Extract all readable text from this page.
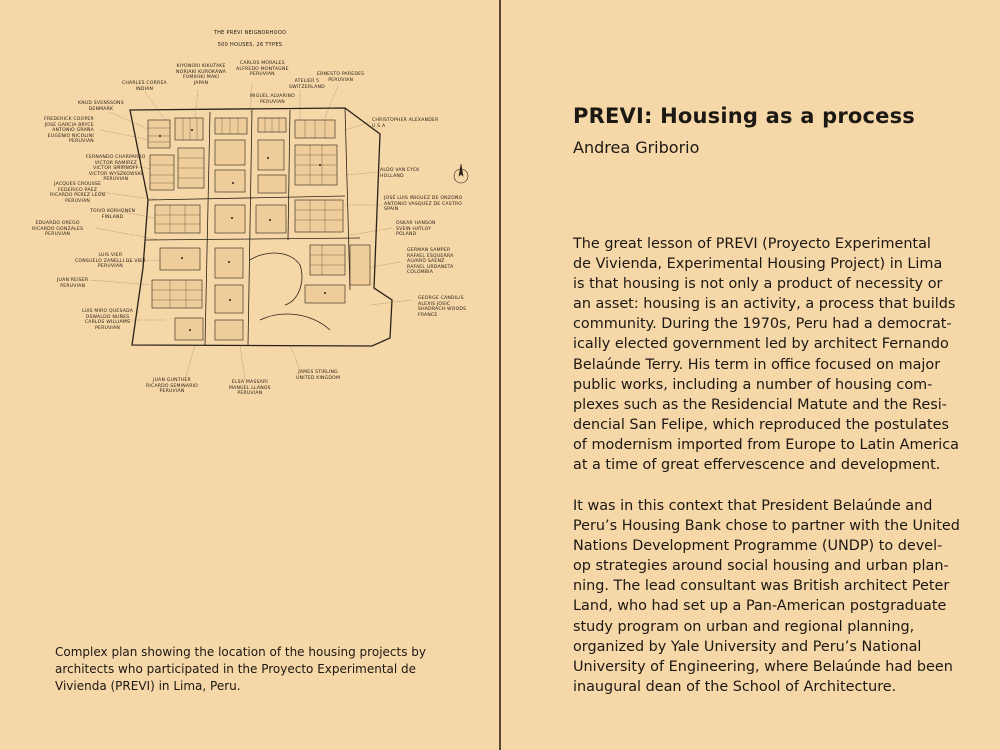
THE PREVI NEIGBORHOOD
500 HOUSES, 26 TYPES
CHARLES CORREA
INDIAN
KIYONORI KIKUTAKE
NORIAKI KUROKAWA
FUMIHIKI MAKI
JAPAN
CARLOS MORALES
ALFREDO MONTAGNE
PERUVIAN
ATELIER 5
SWITZERLAND
ERNESTO PAREDES
PERUVIAN
MIGUEL ALVARINO
PERUVIAN
KNUD SVENSSONS
DENMARK
FREDERICK COOPER
JOSE GARCIA BRYCE
ANTONIO GRAÑA
EUGENIO NICOLINI
PERUVIAN
CHRISTOPHER ALEXANDER
U.S.A
FERNANDO CHARPARRO
VICTOR RAMIREZ
VICTOR SMIRNOFF
VICTOR WYSZKOWSKI
PERUVIAN
ALDO VAN EYCK
HOLLAND
JACQUES CROUSSE
FEDERICO PAEZ
RICARDO PEREZ LEÓN
PERUVIAN
JOSÉ LUIS IÑIGUEZ DE ONZOÑO
ANTONIO VASQUEZ DE CASTRO
SPAIN
TOIVO KORHONEN
FINLAND
OSKAR HANSON
SVEIN HATLOY
POLAND
EDUARDO OREGO
RICARDO GONZALES
PERUVIAN
GERMAN SAMPER
RAFAEL ESQUERRA
ALVARO SAENZ
RAFAEL URDANETA
COLOMBIA
LUIS VIER
CONSUELO ZANELLI DE VIER
PERUVIAN
JUAN REISER
PERUVIAN
GEORGE CANDILIS
ALEXIS JOSIC
SHADRACH WOODS
FRANCE
LUIS MIRO QUESADA
OSWALDO NUÑES
CARLOS WILLIAMS
PERUVIAN
JAMES STIRLING
UNITED KINGDOM
JUAN GUNTHER
RICARDO SEMINARIO
PERUVIAN
ELSA MASSARI
MANUEL LLANOS
PERUVIAN
Complex plan showing the location of the housing projects by
architects who participated in the Proyecto Experimental de
Vivienda (PREVI) in Lima, Peru.
PREVI: Housing as a process
Andrea Griborio
The great lesson of PREVI (Proyecto Experimental
de Vivienda, Experimental Housing Project) in Lima
is that housing is not only a product of necessity or
an asset: housing is an activity, a process that builds
community. During the 1970s, Peru had a democrat-
ically elected government led by architect Fernando
Belaúnde Terry. His term in office focused on major
public works, including a number of housing com-
plexes such as the Residencial Matute and the Resi-
dencial San Felipe, which reproduced the postulates
of modernism imported from Europe to Latin America
at a time of great effervescence and development.
It was in this context that President Belaúnde and
Peru’s Housing Bank chose to partner with the United
Nations Development Programme (UNDP) to devel-
op strategies around social housing and urban plan-
ning. The lead consultant was British architect Peter
Land, who had set up a Pan-American postgraduate
study program on urban and regional planning,
organized by Yale University and Peru’s National
University of Engineering, where Belaúnde had been
inaugural dean of the School of Architecture.
